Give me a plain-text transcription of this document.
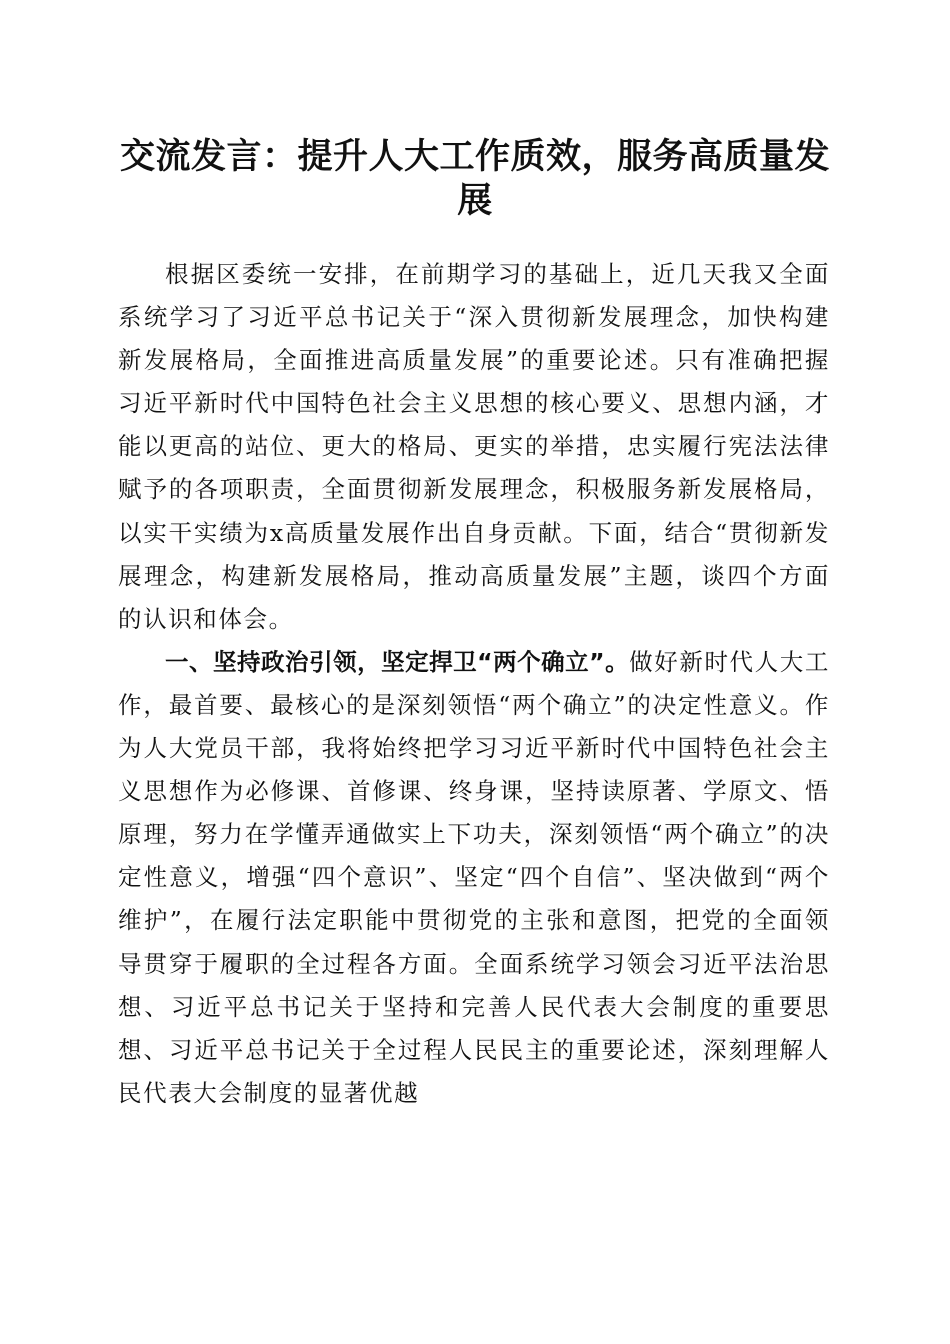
交流发言：提升人大工作质效，服务高质量发展

根据区委统一安排，在前期学习的基础上，近几天我又全面系统学习了习近平总书记关于“深入贯彻新发展理念，加快构建新发展格局，全面推进高质量发展”的重要论述。只有准确把握习近平新时代中国特色社会主义思想的核心要义、思想内涵，才能以更高的站位、更大的格局、更实的举措，忠实履行宪法法律赋予的各项职责，全面贯彻新发展理念，积极服务新发展格局，以实干实绩为x高质量发展作出自身贡献。下面，结合“贯彻新发展理念，构建新发展格局，推动高质量发展”主题，谈四个方面的认识和体会。

一、坚持政治引领，坚定捍卫“两个确立”。做好新时代人大工作，最首要、最核心的是深刻领悟“两个确立”的决定性意义。作为人大党员干部，我将始终把学习习近平新时代中国特色社会主义思想作为必修课、首修课、终身课，坚持读原著、学原文、悟原理，努力在学懂弄通做实上下功夫，深刻领悟“两个确立”的决定性意义，增强“四个意识”、坚定“四个自信”、坚决做到“两个维护”，在履行法定职能中贯彻党的主张和意图，把党的全面领导贯穿于履职的全过程各方面。全面系统学习领会习近平法治思想、习近平总书记关于坚持和完善人民代表大会制度的重要思想、习近平总书记关于全过程人民民主的重要论述，深刻理解人民代表大会制度的显著优越
